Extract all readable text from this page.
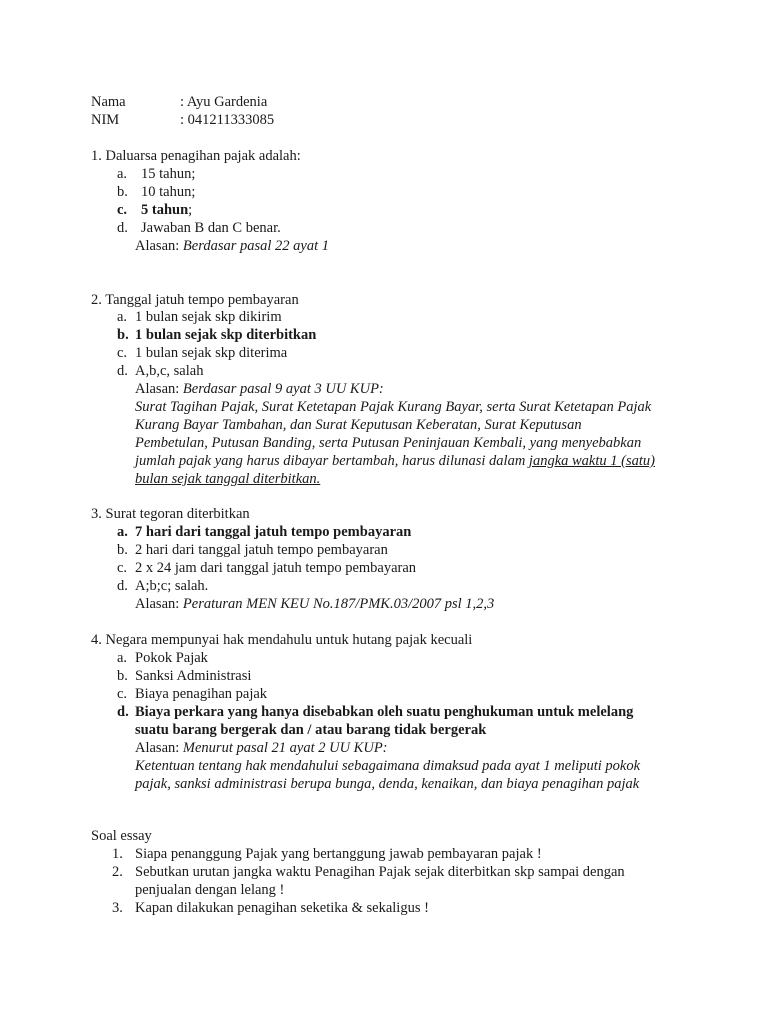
Nama	: Ayu Gardenia
NIM	: 041211333085
1. Daluarsa penagihan pajak adalah:
a. 15 tahun;
b. 10 tahun;
c. 5 tahun;
d. Jawaban B dan C benar.
Alasan: Berdasar pasal 22 ayat 1
2. Tanggal jatuh tempo pembayaran
a. 1 bulan sejak skp dikirim
b. 1 bulan sejak skp diterbitkan
c. 1 bulan sejak skp diterima
d. A,b,c, salah
Alasan: Berdasar pasal 9 ayat 3 UU KUP:
Surat Tagihan Pajak, Surat Ketetapan Pajak Kurang Bayar, serta Surat Ketetapan Pajak
Kurang Bayar Tambahan, dan Surat Keputusan Keberatan, Surat Keputusan
Pembetulan, Putusan Banding, serta Putusan Peninjauan Kembali, yang menyebabkan
jumlah pajak yang harus dibayar bertambah, harus dilunasi dalam jangka waktu 1 (satu)
bulan sejak tanggal diterbitkan.
3. Surat tegoran diterbitkan
a. 7 hari dari tanggal jatuh tempo pembayaran
b. 2 hari dari tanggal jatuh tempo pembayaran
c. 2 x 24 jam dari tanggal jatuh tempo pembayaran
d. A;b;c; salah.
Alasan: Peraturan MEN KEU No.187/PMK.03/2007 psl 1,2,3
4. Negara mempunyai hak mendahulu untuk hutang pajak kecuali
a. Pokok Pajak
b. Sanksi Administrasi
c. Biaya penagihan pajak
d. Biaya perkara yang hanya disebabkan oleh suatu penghukuman untuk melelang
suatu barang bergerak dan / atau barang tidak bergerak
Alasan: Menurut pasal 21 ayat 2 UU KUP:
Ketentuan tentang hak mendahului sebagaimana dimaksud pada ayat 1 meliputi pokok
pajak, sanksi administrasi berupa bunga, denda, kenaikan, dan biaya penagihan pajak
Soal essay
1. Siapa penanggung Pajak yang bertanggung jawab pembayaran pajak !
2. Sebutkan urutan jangka waktu Penagihan Pajak sejak diterbitkan skp sampai dengan
penjualan dengan lelang !
3. Kapan dilakukan penagihan seketika & sekaligus !
